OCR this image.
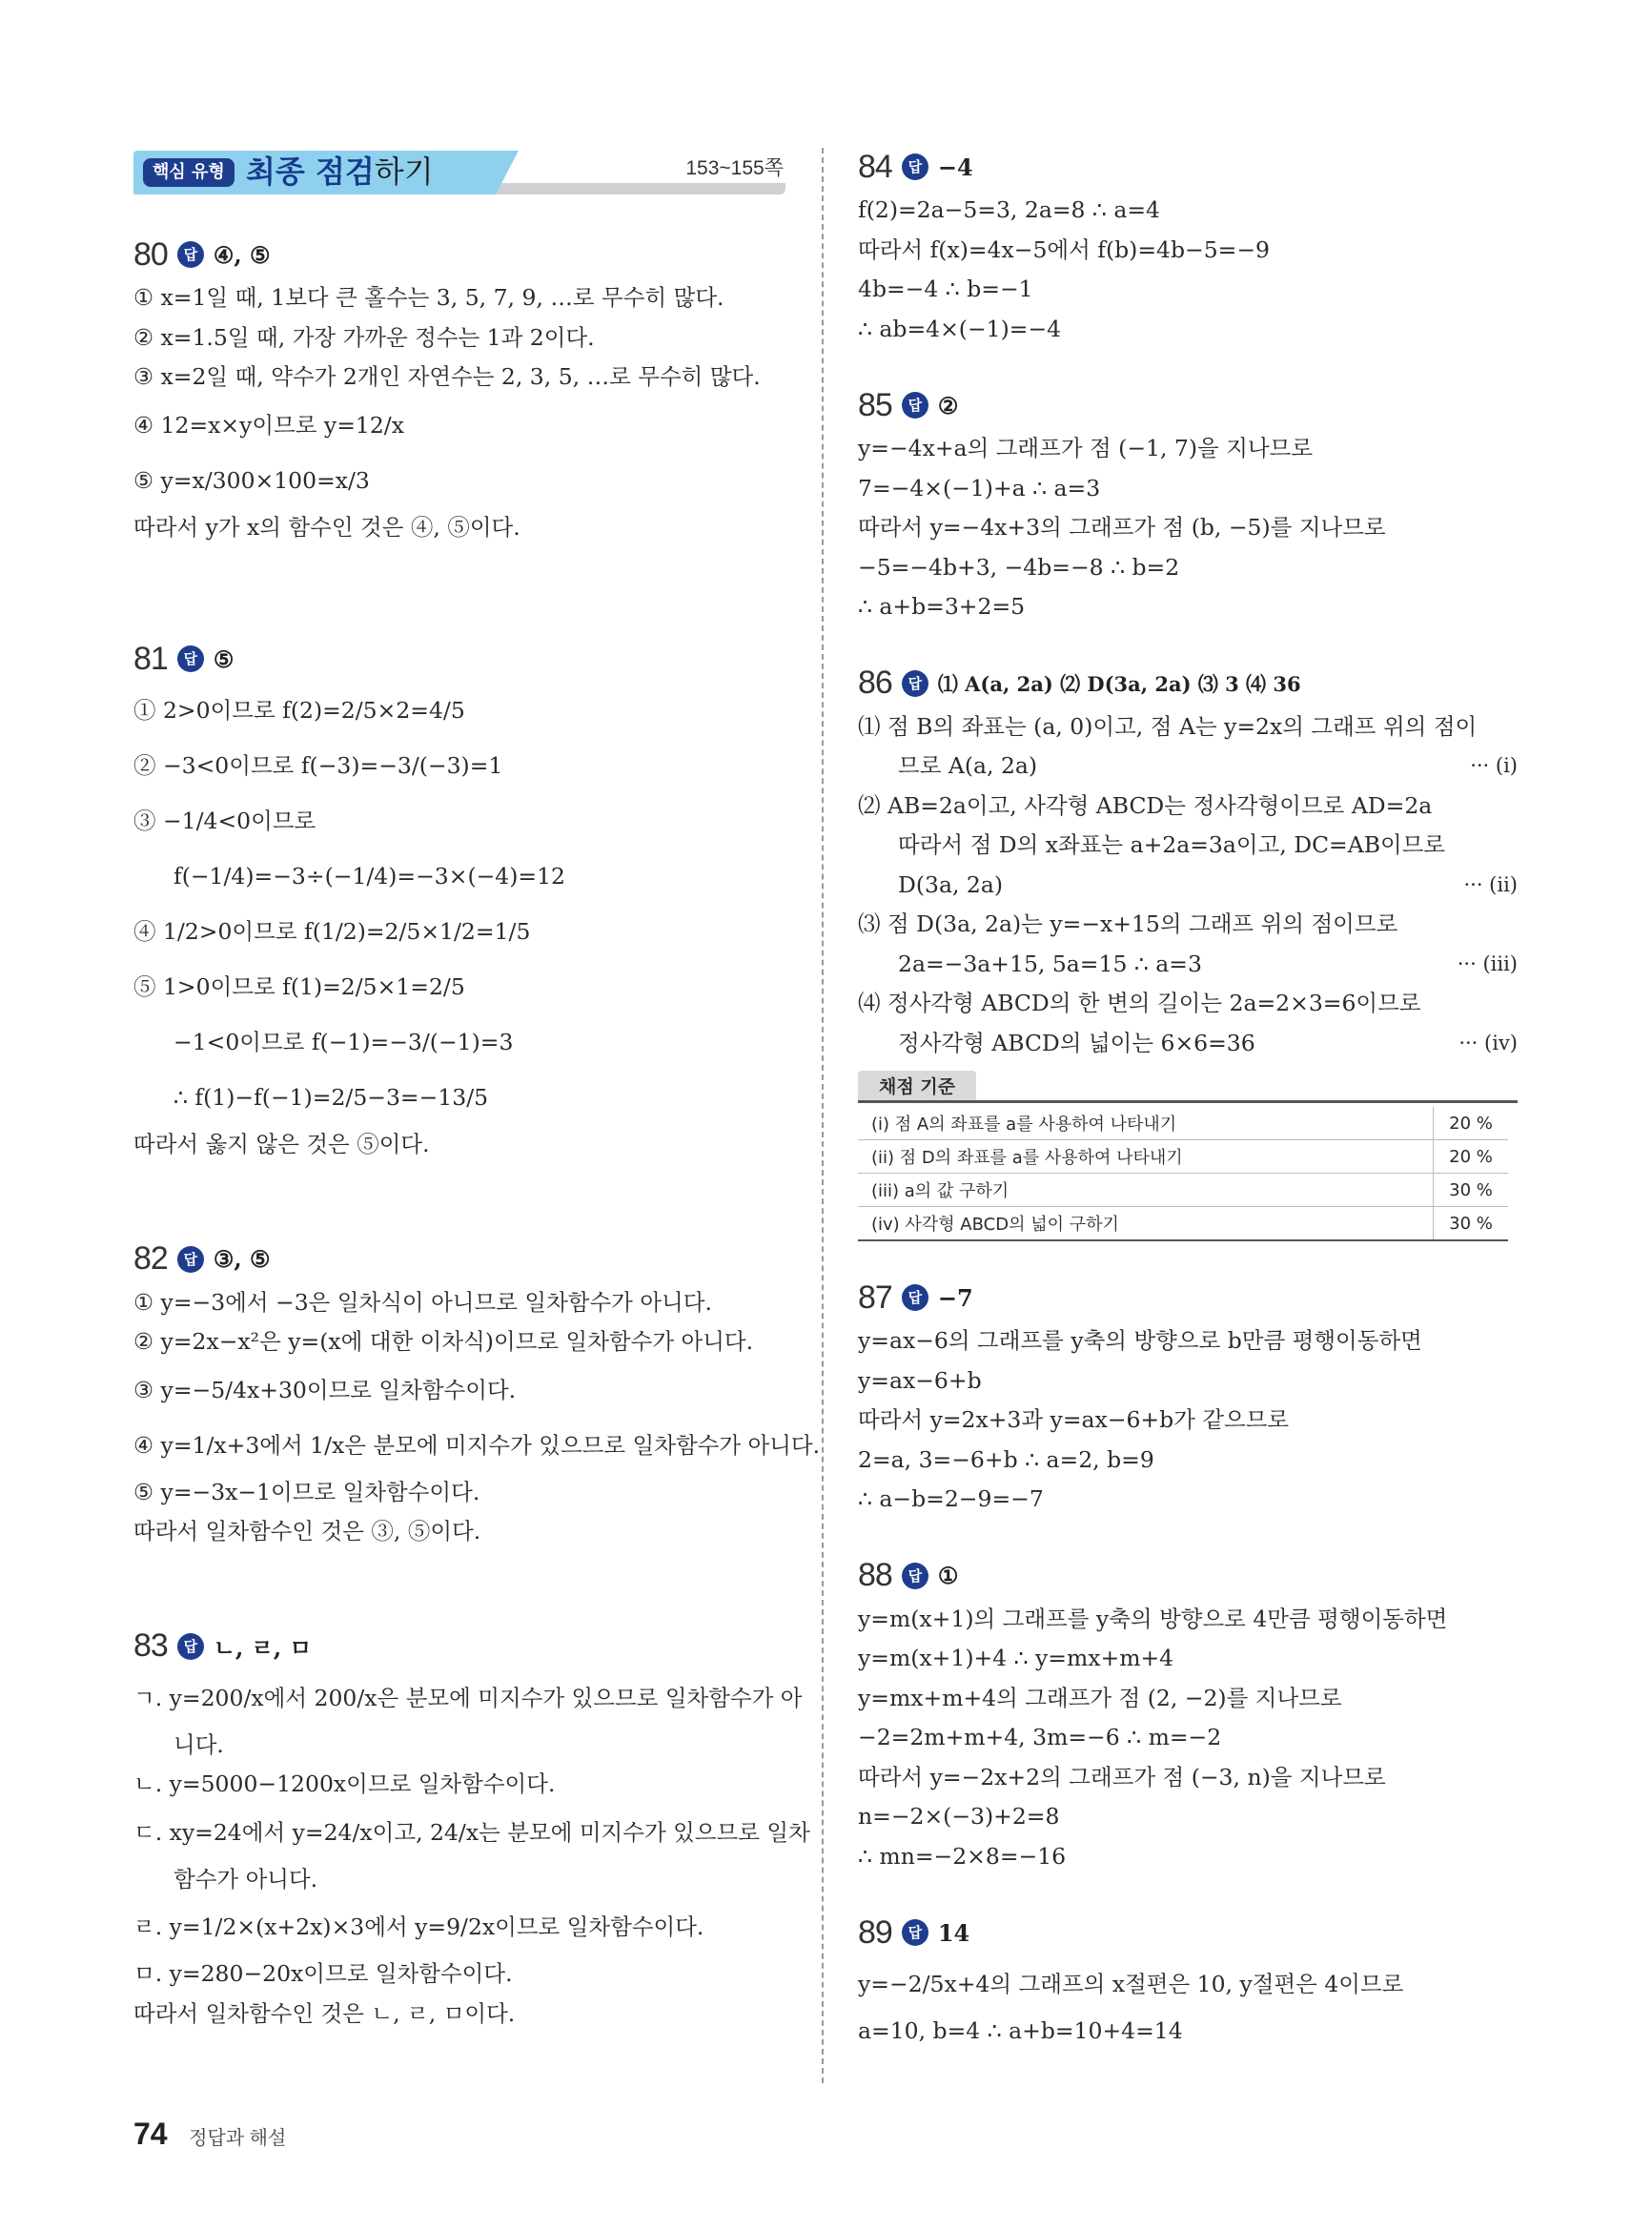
핵심 유형 최종 점검하기	153~155쪽
80	답 ④, ⑤
① x=1일 때, 1보다 큰 홀수는 3, 5, 7, 9, …로 무수히 많다.
② x=1.5일 때, 가장 가까운 정수는 1과 2이다.
③ x=2일 때, 약수가 2개인 자연수는 2, 3, 5, …로 무수히 많다.
④ 12=x×y이므로 y=12/x
⑤ y=x/300×100=x/3
따라서 y가 x의 함수인 것은 ④, ⑤이다.
81	답 ⑤
① 2>0이므로 f(2)=2/5×2=4/5
② −3<0이므로 f(−3)=−3/(−3)=1
③ −1/4<0이므로
f(−1/4)=−3÷(−1/4)=−3×(−4)=12
④ 1/2>0이므로 f(1/2)=2/5×1/2=1/5
⑤ 1>0이므로 f(1)=2/5×1=2/5
−1<0이므로 f(−1)=−3/(−1)=3
∴ f(1)−f(−1)=2/5−3=−13/5
따라서 옳지 않은 것은 ⑤이다.
82	답 ③, ⑤
① y=−3에서 −3은 일차식이 아니므로 일차함수가 아니다.
② y=2x−x²은 y=(x에 대한 이차식)이므로 일차함수가 아니다.
③ y=−5/4x+30이므로 일차함수이다.
④ y=1/x+3에서 1/x은 분모에 미지수가 있으므로 일차함수가 아니다.
⑤ y=−3x−1이므로 일차함수이다.
따라서 일차함수인 것은 ③, ⑤이다.
83	답 ㄴ, ㄹ, ㅁ
ㄱ. y=200/x에서 200/x은 분모에 미지수가 있으므로 일차함수가 아
니다.
ㄴ. y=5000−1200x이므로 일차함수이다.
ㄷ. xy=24에서 y=24/x이고, 24/x는 분모에 미지수가 있으므로 일차
함수가 아니다.
ㄹ. y=1/2×(x+2x)×3에서 y=9/2x이므로 일차함수이다.
ㅁ. y=280−20x이므로 일차함수이다.
따라서 일차함수인 것은 ㄴ, ㄹ, ㅁ이다.
84	답 −4
f(2)=2a−5=3, 2a=8 ∴ a=4
따라서 f(x)=4x−5에서 f(b)=4b−5=−9
4b=−4 ∴ b=−1
∴ ab=4×(−1)=−4
85	답 ②
y=−4x+a의 그래프가 점 (−1, 7)을 지나므로
7=−4×(−1)+a ∴ a=3
따라서 y=−4x+3의 그래프가 점 (b, −5)를 지나므로
−5=−4b+3, −4b=−8 ∴ b=2
∴ a+b=3+2=5
86	답 ⑴ A(a, 2a) ⑵ D(3a, 2a) ⑶ 3 ⑷ 36
⑴ 점 B의 좌표는 (a, 0)이고, 점 A는 y=2x의 그래프 위의 점이
므로 A(a, 2a)	··· (i)
⑵ AB=2a이고, 사각형 ABCD는 정사각형이므로 AD=2a
따라서 점 D의 x좌표는 a+2a=3a이고, DC=AB이므로
D(3a, 2a)	··· (ii)
⑶ 점 D(3a, 2a)는 y=−x+15의 그래프 위의 점이므로
2a=−3a+15, 5a=15 ∴ a=3	··· (iii)
⑷ 정사각형 ABCD의 한 변의 길이는 2a=2×3=6이므로
정사각형 ABCD의 넓이는 6×6=36	··· (iv)
채점 기준
(i) 점 A의 좌표를 a를 사용하여 나타내기	20 %
(ii) 점 D의 좌표를 a를 사용하여 나타내기	20 %
(iii) a의 값 구하기	30 %
(iv) 사각형 ABCD의 넓이 구하기	30 %
87	답 −7
y=ax−6의 그래프를 y축의 방향으로 b만큼 평행이동하면
y=ax−6+b
따라서 y=2x+3과 y=ax−6+b가 같으므로
2=a, 3=−6+b ∴ a=2, b=9
∴ a−b=2−9=−7
88	답 ①
y=m(x+1)의 그래프를 y축의 방향으로 4만큼 평행이동하면
y=m(x+1)+4 ∴ y=mx+m+4
y=mx+m+4의 그래프가 점 (2, −2)를 지나므로
−2=2m+m+4, 3m=−6 ∴ m=−2
따라서 y=−2x+2의 그래프가 점 (−3, n)을 지나므로
n=−2×(−3)+2=8
∴ mn=−2×8=−16
89	답 14
y=−2/5x+4의 그래프의 x절편은 10, y절편은 4이므로
a=10, b=4 ∴ a+b=10+4=14
74 정답과 해설
